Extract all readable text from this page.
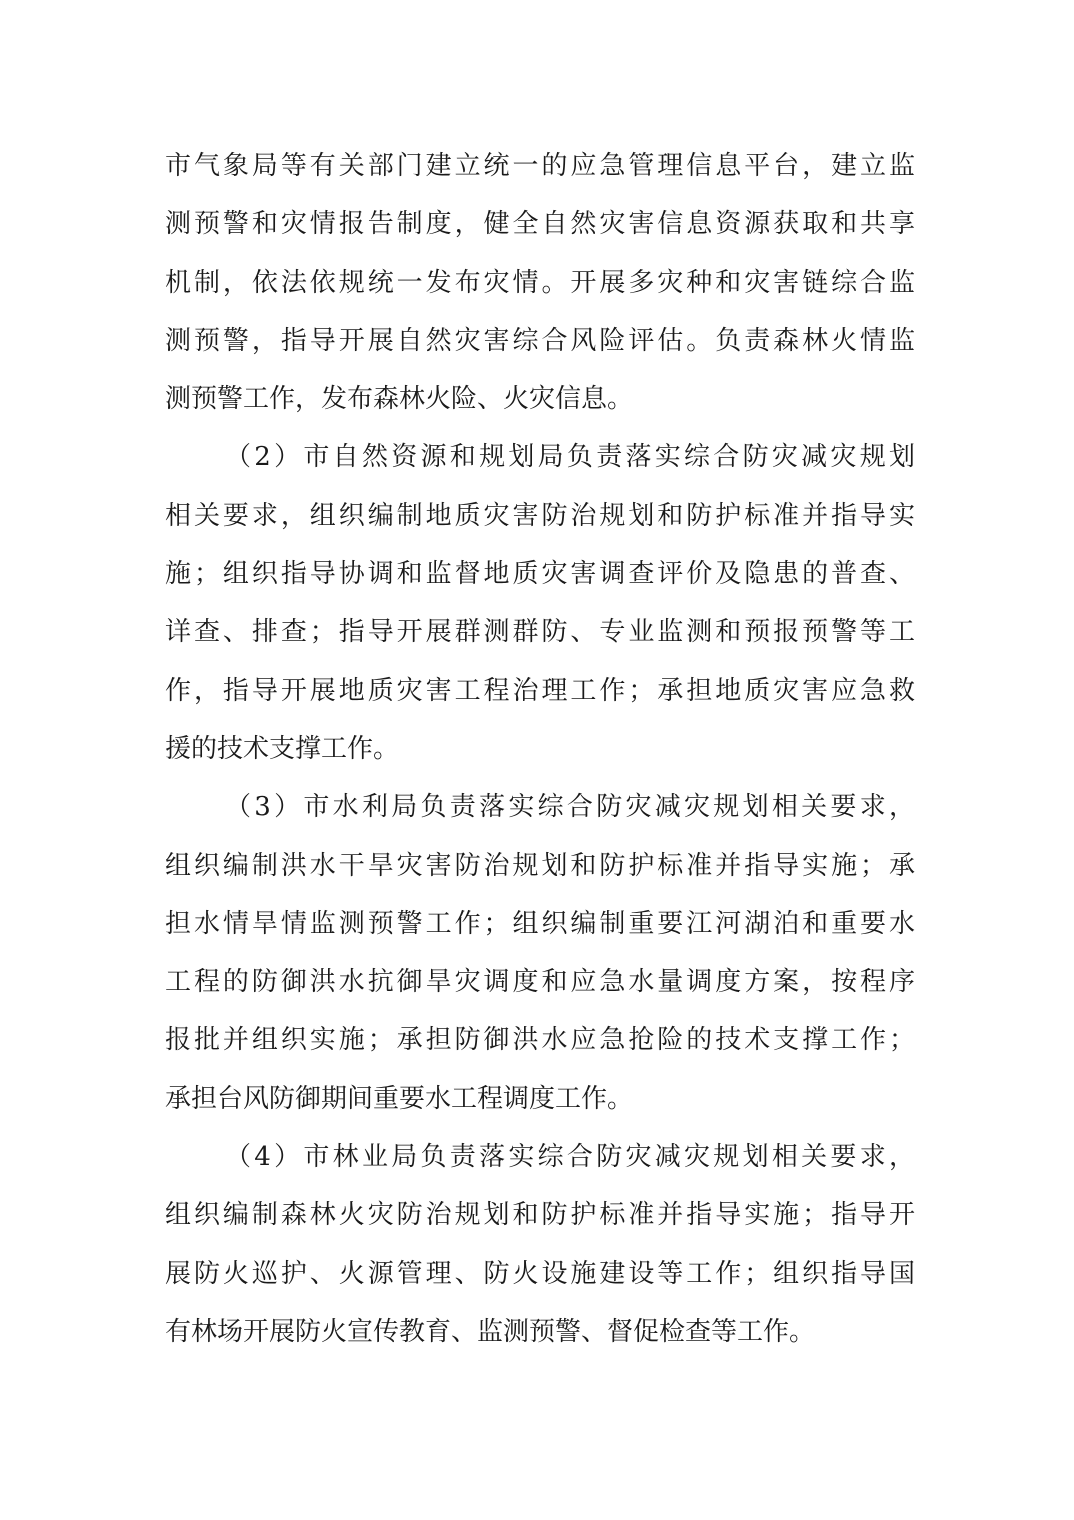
市气象局等有关部门建立统一的应急管理信息平台，建立监
测预警和灾情报告制度，健全自然灾害信息资源获取和共享
机制，依法依规统一发布灾情。开展多灾种和灾害链综合监
测预警，指导开展自然灾害综合风险评估。负责森林火情监
测预警工作，发布森林火险、火灾信息。
（2）市自然资源和规划局负责落实综合防灾减灾规划
相关要求，组织编制地质灾害防治规划和防护标准并指导实
施；组织指导协调和监督地质灾害调查评价及隐患的普查、
详查、排查；指导开展群测群防、专业监测和预报预警等工
作，指导开展地质灾害工程治理工作；承担地质灾害应急救
援的技术支撑工作。
（3）市水利局负责落实综合防灾减灾规划相关要求，
组织编制洪水干旱灾害防治规划和防护标准并指导实施；承
担水情旱情监测预警工作；组织编制重要江河湖泊和重要水
工程的防御洪水抗御旱灾调度和应急水量调度方案，按程序
报批并组织实施；承担防御洪水应急抢险的技术支撑工作；
承担台风防御期间重要水工程调度工作。
（4）市林业局负责落实综合防灾减灾规划相关要求，
组织编制森林火灾防治规划和防护标准并指导实施；指导开
展防火巡护、火源管理、防火设施建设等工作；组织指导国
有林场开展防火宣传教育、监测预警、督促检查等工作。
